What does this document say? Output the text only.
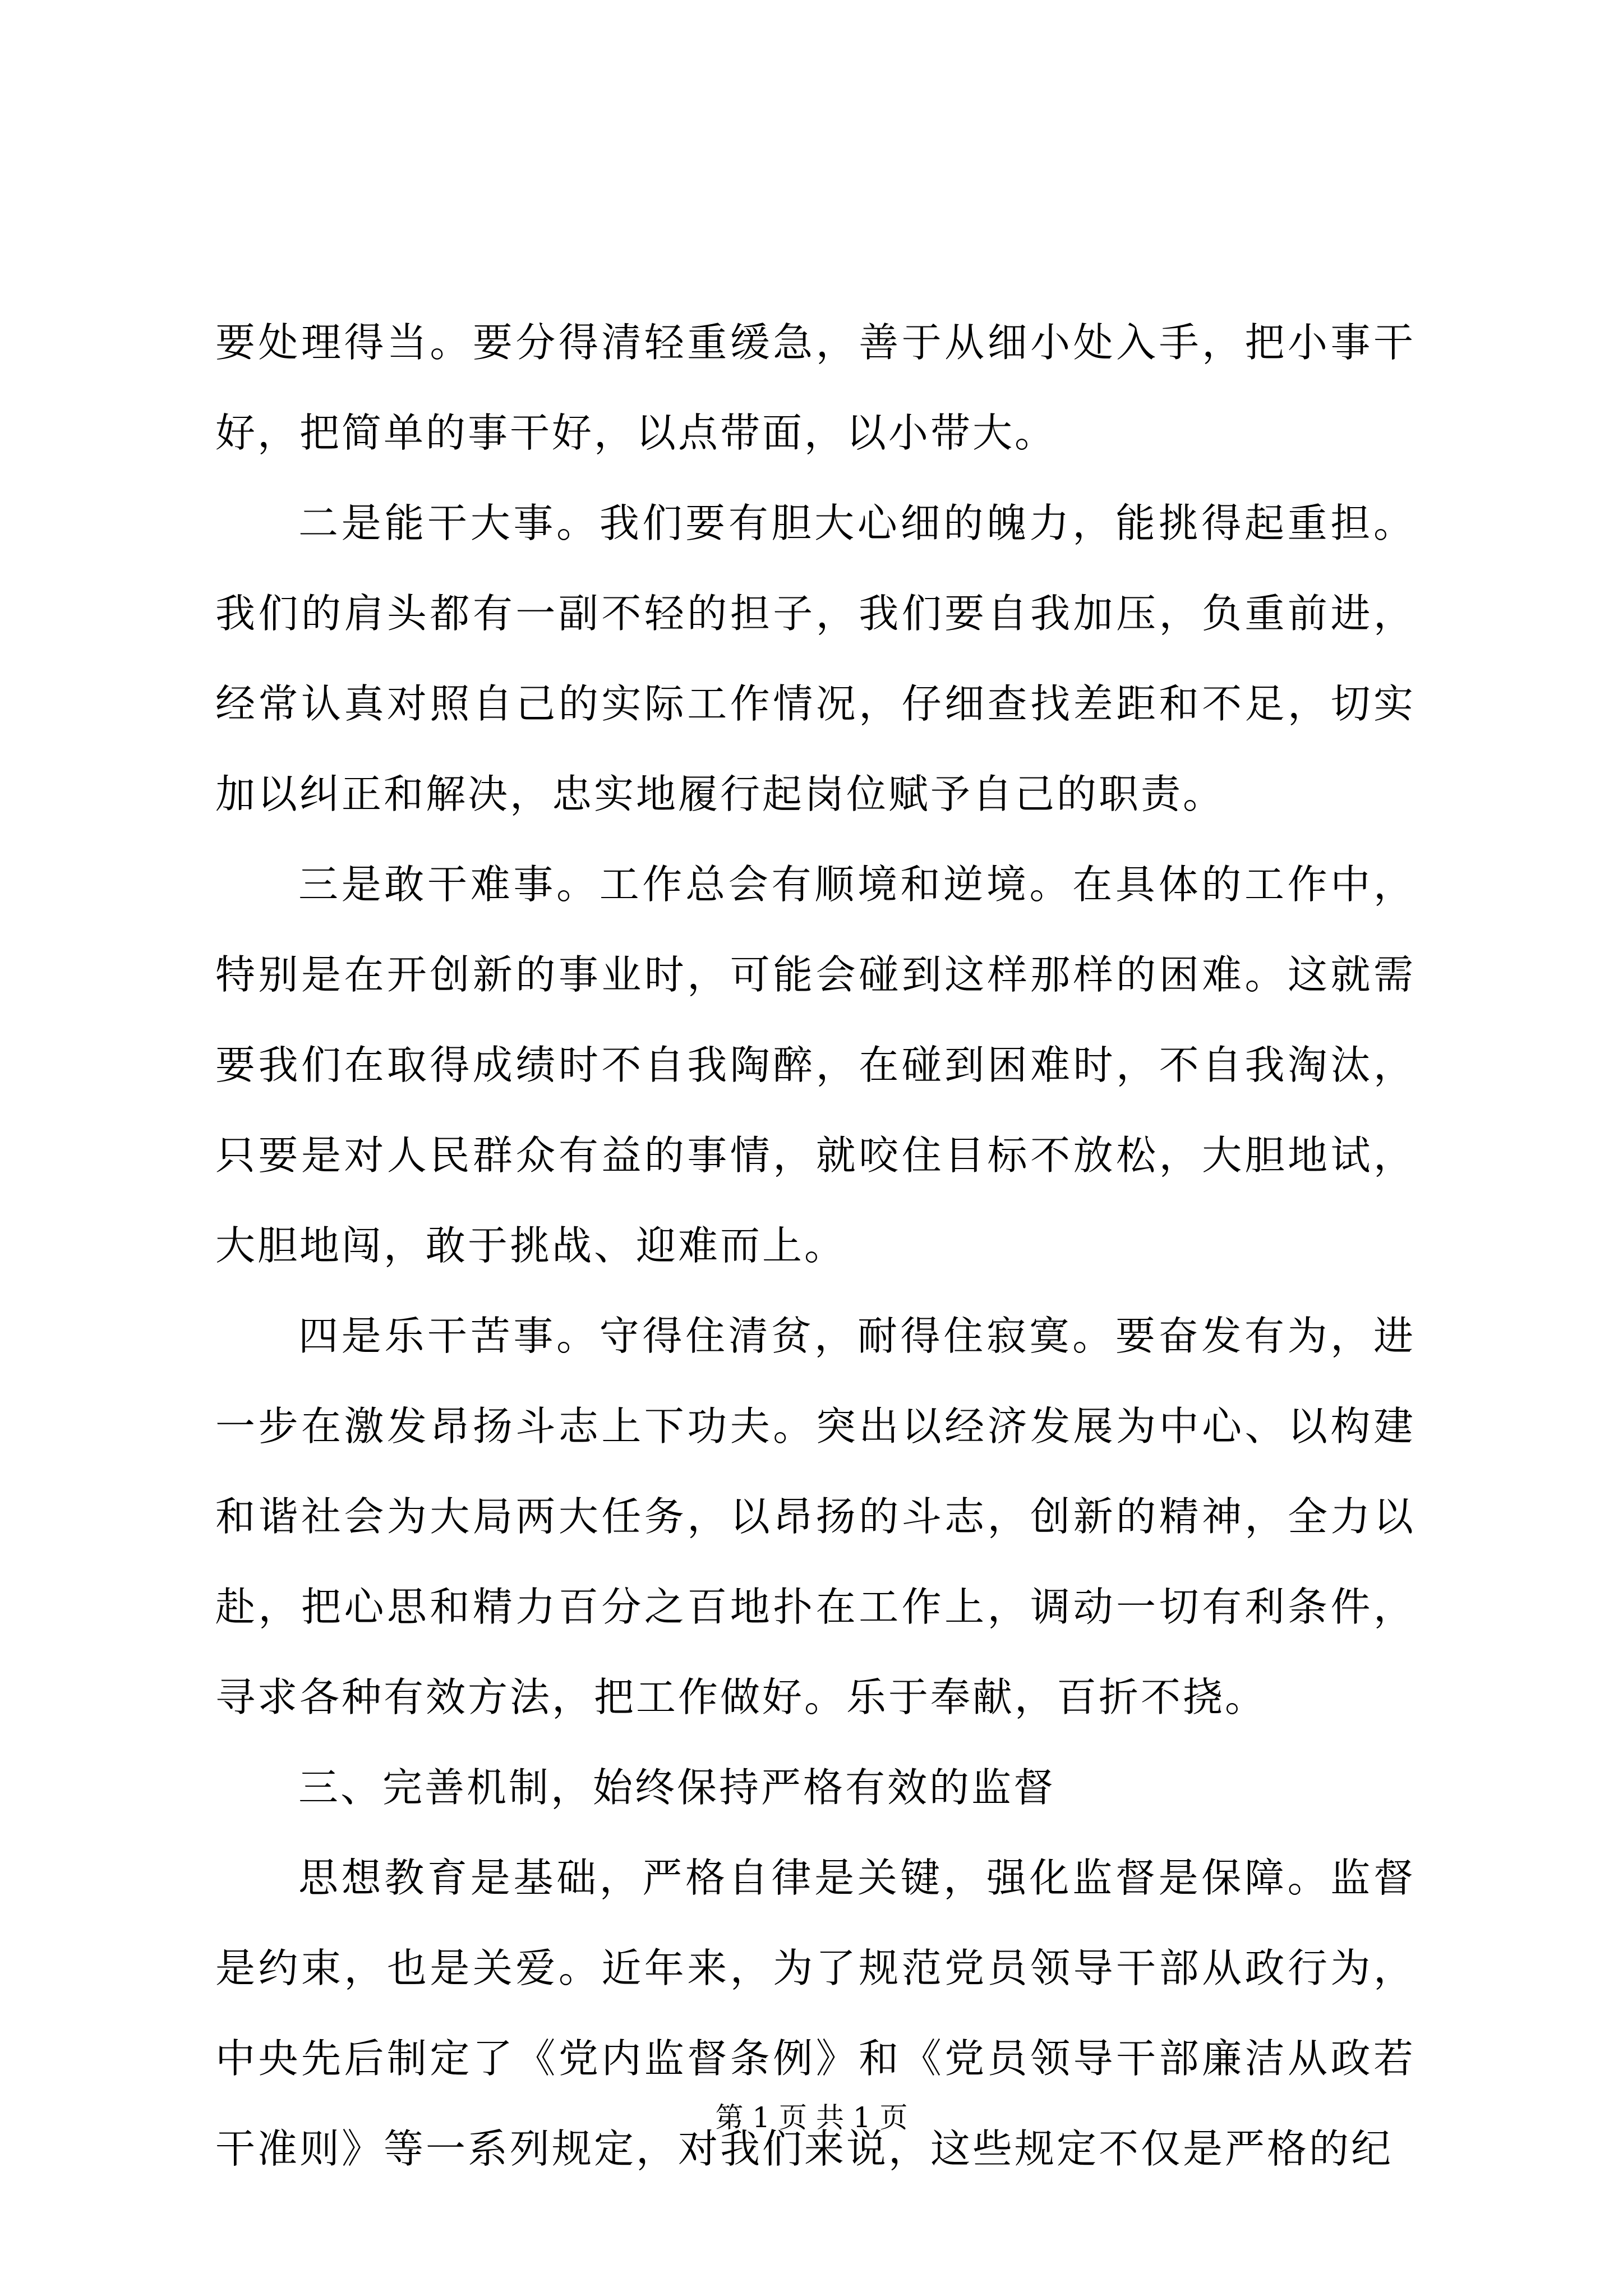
要处理得当。要分得清轻重缓急，善于从细小处入手，把小事干好，把简单的事干好，以点带面，以小带大。

二是能干大事。我们要有胆大心细的魄力，能挑得起重担。我们的肩头都有一副不轻的担子，我们要自我加压，负重前进，经常认真对照自己的实际工作情况，仔细查找差距和不足，切实加以纠正和解决，忠实地履行起岗位赋予自己的职责。

三是敢干难事。工作总会有顺境和逆境。在具体的工作中，特别是在开创新的事业时，可能会碰到这样那样的困难。这就需要我们在取得成绩时不自我陶醉，在碰到困难时，不自我淘汰，只要是对人民群众有益的事情，就咬住目标不放松，大胆地试，大胆地闯，敢于挑战、迎难而上。

四是乐干苦事。守得住清贫，耐得住寂寞。要奋发有为，进一步在激发昂扬斗志上下功夫。突出以经济发展为中心、以构建和谐社会为大局两大任务，以昂扬的斗志，创新的精神，全力以赴，把心思和精力百分之百地扑在工作上，调动一切有利条件，寻求各种有效方法，把工作做好。乐于奉献，百折不挠。

三、完善机制，始终保持严格有效的监督

思想教育是基础，严格自律是关键，强化监督是保障。监督是约束，也是关爱。近年来，为了规范党员领导干部从政行为，中央先后制定了《党内监督条例》和《党员领导干部廉洁从政若干准则》等一系列规定，对我们来说，这些规定不仅是严格的纪

第 1 页 共 1 页
